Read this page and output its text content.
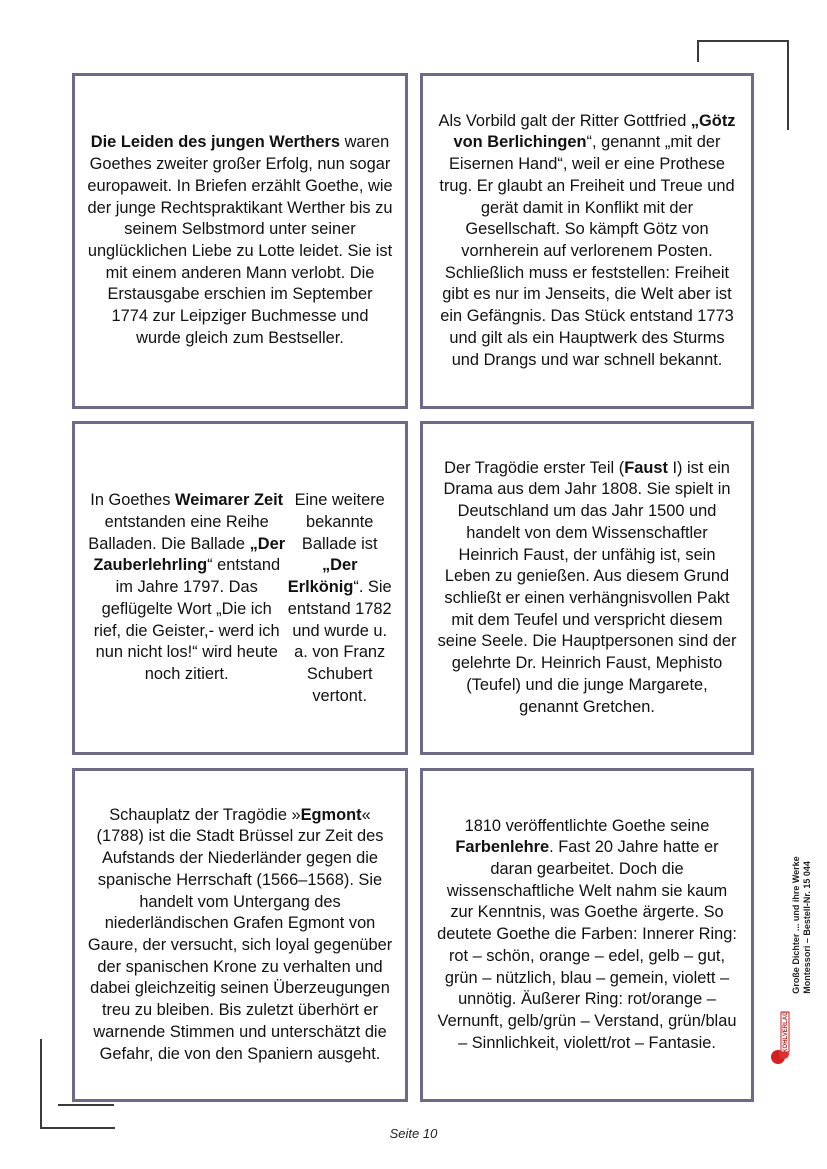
Die Leiden des jungen Werthers waren Goethes zweiter großer Erfolg, nun sogar europaweit. In Briefen erzählt Goethe, wie der junge Rechtspraktikant Werther bis zu seinem Selbstmord unter seiner unglücklichen Liebe zu Lotte leidet. Sie ist mit einem anderen Mann verlobt. Die Erstausgabe erschien im September 1774 zur Leipziger Buchmesse und wurde gleich zum Bestseller.

Als Vorbild galt der Ritter Gottfried „Götz von Berlichingen“, genannt „mit der Eisernen Hand“, weil er eine Prothese trug. Er glaubt an Freiheit und Treue und gerät damit in Konflikt mit der Gesellschaft. So kämpft Götz von vornherein auf verlorenem Posten. Schließlich muss er feststellen: Freiheit gibt es nur im Jenseits, die Welt aber ist ein Gefängnis. Das Stück entstand 1773 und gilt als ein Hauptwerk des Sturms und Drangs und war schnell bekannt.

In Goethes Weimarer Zeit entstanden eine Reihe Balladen. Die Ballade „Der Zauberlehrling“ entstand im Jahre 1797. Das geflügelte Wort „Die ich rief, die Geister,- werd ich nun nicht los!“ wird heute noch zitiert.

Eine weitere bekannte Ballade ist „Der Erlkönig“. Sie entstand 1782 und wurde u. a. von Franz Schubert vertont.

Der Tragödie erster Teil (Faust I) ist ein Drama aus dem Jahr 1808. Sie spielt in Deutschland um das Jahr 1500 und handelt von dem Wissenschaftler Heinrich Faust, der unfähig ist, sein Leben zu genießen. Aus diesem Grund schließt er einen verhängnisvollen Pakt mit dem Teufel und verspricht diesem seine Seele. Die Hauptpersonen sind der gelehrte Dr. Heinrich Faust, Mephisto (Teufel) und die junge Margarete, genannt Gretchen.

Schauplatz der Tragödie »Egmont« (1788) ist die Stadt Brüssel zur Zeit des Aufstands der Niederländer gegen die spanische Herrschaft (1566–1568). Sie handelt vom Untergang des niederländischen Grafen Egmont von Gaure, der versucht, sich loyal gegenüber der spanischen Krone zu verhalten und dabei gleichzeitig seinen Überzeugungen treu zu bleiben. Bis zuletzt überhört er warnende Stimmen und unterschätzt die Gefahr, die von den Spaniern ausgeht.

1810 veröffentlichte Goethe seine Farbenlehre. Fast 20 Jahre hatte er daran gearbeitet. Doch die wissenschaftliche Welt nahm sie kaum zur Kenntnis, was Goethe ärgerte. So deutete Goethe die Farben: Innerer Ring: rot – schön, orange – edel, gelb – gut, grün – nützlich, blau – gemein, violett – unnötig. Äußerer Ring: rot/orange – Vernunft, gelb/grün – Verstand, grün/blau – Sinnlichkeit, violett/rot – Fantasie.

Große Dichter ... und ihre Werke Montessori – Bestell-Nr. 15 044
KOHLVERLAG
Seite 10
